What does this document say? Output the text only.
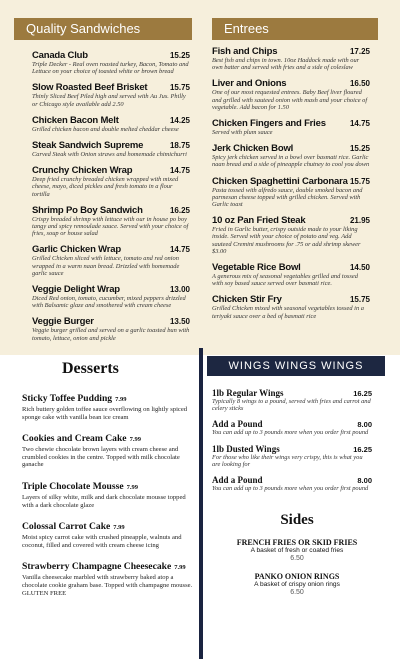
Quality Sandwiches	Entrees
Canada Club	15.25
Triple Decker - Real oven roasted turkey, Bacon, Tomato and Lettuce on your choice of toasted white or brown bread
Slow Roasted Beef Brisket	15.75
Thinly Sliced Beef Piled high and served with Au Jus. Philly or Chicago style available add 2.50
Chicken Bacon Melt	14.25
Grilled chicken bacon and double melted cheddar cheese
Steak Sandwich Supreme	18.75
Carved Steak with Onion straws and homemade chimichurri
Crunchy Chicken Wrap	14.75
Deep fried crunchy breaded chicken wrapped with mixed cheese, mayo, diced pickles and fresh tomato in a flour tortilla
Shrimp Po Boy Sandwich	16.25
Crispy breaded shrimp with lettuce with our in house po boy tangy and spicy remoulade sauce. Served with your choice of fries, soup or house salad
Garlic Chicken Wrap	14.75
Grilled Chicken sliced with lettuce, tomato and red onion wrapped in a warm naan bread. Drizzled with homemade garlic sauce
Veggie Delight Wrap	13.00
Diced Red onion, tomato, cucumber, mixed peppers drizzled with Balsamic glaze and smothered with cream cheese
Veggie Burger	13.50
Veggie burger grilled and served on a garlic toasted bun with tomato, lettuce, onion and pickle
Fish and Chips	17.25
Best fish and chips in town. 10oz Haddock made with our own batter and served with fries and a side of coleslaw
Liver and Onions	16.50
One of our most requested entrees. Baby Beef liver floured and grilled with sauteed onion with mash and your choice of vegetable. Add bacon for 1.50
Chicken Fingers and Fries	14.75
Served with plum sauce
Jerk Chicken Bowl	15.25
Spicy jerk chicken served in a bowl over basmati rice. Garlic naan bread and a side of pineapple chutney to cool you down
Chicken Spaghettini Carbonara 15.75
Pasta tossed with alfredo sauce, double smoked bacon and parmesan cheese topped with grilled chicken. Served with Garlic toast
10 oz Pan Fried Steak	21.95
Fried in Garlic butter, crispy outside made to your liking inside. Served with your choice of potato and veg. Add sauteed Cremini mushrooms for .75 or add shrimp skewer $3.00
Vegetable Rice Bowl	14.50
A generous mix of seasonal vegetables grilled and tossed with soy based sauce served over basmati rice.
Chicken Stir Fry	15.75
Grilled Chicken mixed with seasonal vegetables tossed in a teriyaki sauce over a bed of basmati rice
Desserts
Sticky Toffee Pudding 7.99
Rich buttery golden toffee sauce overflowing on lightly spiced sponge cake with vanilla bean ice cream
Cookies and Cream Cake 7.99
Two chewie chocolate brown layers with cream cheese and crumbled cookies in the centre. Topped with milk chocolate ganache
Triple Chocolate Mousse 7.99
Layers of silky white, milk and dark chocolate mousse topped with a dark chocolate glaze
Colossal Carrot Cake 7.99
Moist spicy carrot cake with crushed pineapple, walnuts and coconut, filled and covered with cream cheese icing
Strawberry Champagne Cheesecake 7.99
Vanilla cheesecake marbled with strawberry baked atop a chocolate cookie graham base. Topped with champagne mousse. GLUTEN FREE
WINGS WINGS WINGS
1lb Regular Wings	16.25
Typically 8 wings to a pound, served with fries and carrot and celery sticks
Add a Pound	8.00
You can add up to 3 pounds more when you order first pound
1lb Dusted Wings	16.25
For those who like their wings very crispy, this is what you are looking for
Add a Pound	8.00
You can add up to 3 pounds more when you order first pound
Sides
FRENCH FRIES OR SKID FRIES
A basket of fresh or coated fries
6.50
PANKO ONION RINGS
A basket of crispy onion rings
6.50
